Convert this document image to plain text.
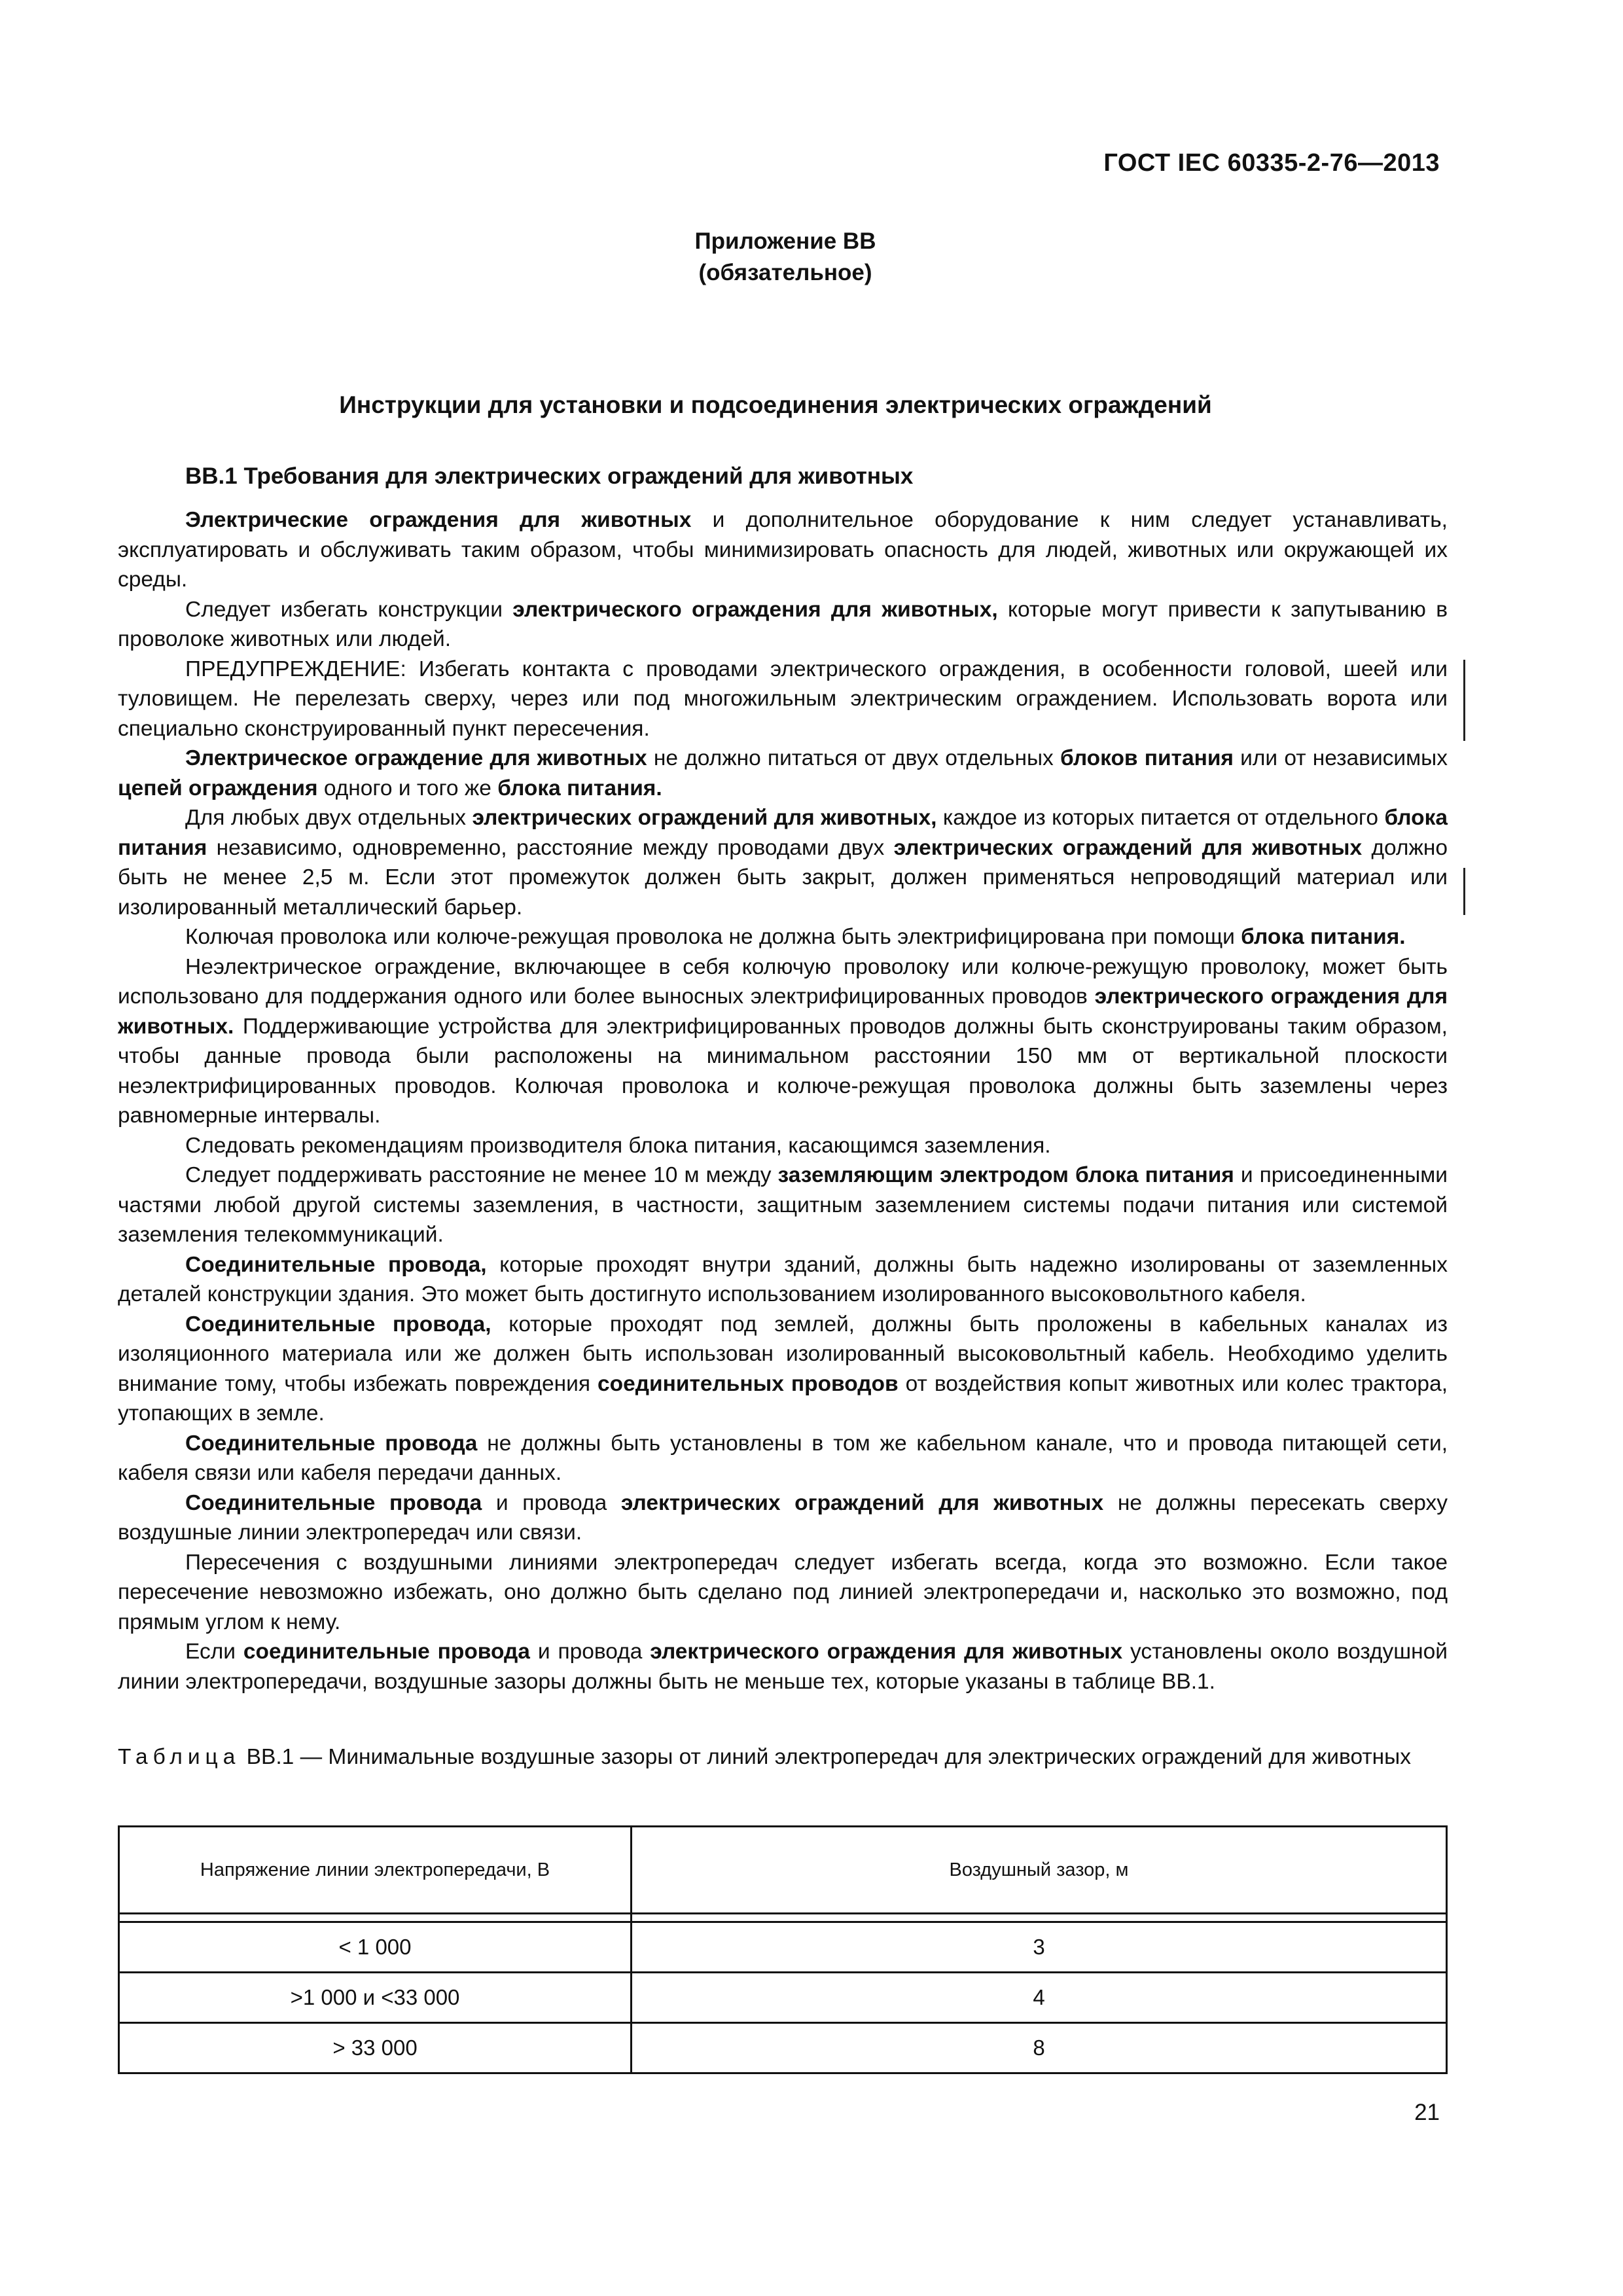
ГОСТ IEC 60335-2-76—2013
Приложение ВВ
(обязательное)
Инструкции для установки и подсоединения электрических ограждений
ВВ.1 Требования для электрических ограждений для животных

Электрические ограждения для животных и дополнительное оборудование к ним следует устанавливать, эксплуатировать и обслуживать таким образом, чтобы минимизировать опасность для людей, животных или окружающей их среды.

Следует избегать конструкции электрического ограждения для животных, которые могут привести к запутыванию в проволоке животных или людей.

ПРЕДУПРЕЖДЕНИЕ: Избегать контакта с проводами электрического ограждения, в особенности головой, шеей или туловищем. Не перелезать сверху, через или под многожильным электрическим ограждением. Использовать ворота или специально сконструированный пункт пересечения.

Электрическое ограждение для животных не должно питаться от двух отдельных блоков питания или от независимых цепей ограждения одного и того же блока питания.

Для любых двух отдельных электрических ограждений для животных, каждое из которых питается от отдельного блока питания независимо, одновременно, расстояние между проводами двух электрических ограждений для животных должно быть не менее 2,5 м. Если этот промежуток должен быть закрыт, должен применяться непроводящий материал или изолированный металлический барьер.

Колючая проволока или колюче-режущая проволока не должна быть электрифицирована при помощи блока питания.

Неэлектрическое ограждение, включающее в себя колючую проволоку или колюче-режущую проволоку, может быть использовано для поддержания одного или более выносных электрифицированных проводов электрического ограждения для животных. Поддерживающие устройства для электрифицированных проводов должны быть сконструированы таким образом, чтобы данные провода были расположены на минимальном расстоянии 150 мм от вертикальной плоскости неэлектрифицированных проводов. Колючая проволока и колюче-режущая проволока должны быть заземлены через равномерные интервалы.

Следовать рекомендациям производителя блока питания, касающимся заземления.

Следует поддерживать расстояние не менее 10 м между заземляющим электродом блока питания и присоединенными частями любой другой системы заземления, в частности, защитным заземлением системы подачи питания или системой заземления телекоммуникаций.

Соединительные провода, которые проходят внутри зданий, должны быть надежно изолированы от заземленных деталей конструкции здания. Это может быть достигнуто использованием изолированного высоковольтного кабеля.

Соединительные провода, которые проходят под землей, должны быть проложены в кабельных каналах из изоляционного материала или же должен быть использован изолированный высоковольтный кабель. Необходимо уделить внимание тому, чтобы избежать повреждения соединительных проводов от воздействия копыт животных или колес трактора, утопающих в земле.

Соединительные провода не должны быть установлены в том же кабельном канале, что и провода питающей сети, кабеля связи или кабеля передачи данных.

Соединительные провода и провода электрических ограждений для животных не должны пересекать сверху воздушные линии электропередач или связи.

Пересечения с воздушными линиями электропередач следует избегать всегда, когда это возможно. Если такое пересечение невозможно избежать, оно должно быть сделано под линией электропередачи и, насколько это возможно, под прямым углом к нему.

Если соединительные провода и провода электрического ограждения для животных установлены около воздушной линии электропередачи, воздушные зазоры должны быть не меньше тех, которые указаны в таблице ВВ.1.

Таблица ВВ.1 — Минимальные воздушные зазоры от линий электропередач для электрических ограждений для животных
Напряжение линии электропередачи, В	Воздушный зазор, м

< 1 000	3
>1 000 и <33 000	4
> 33 000	8
21
